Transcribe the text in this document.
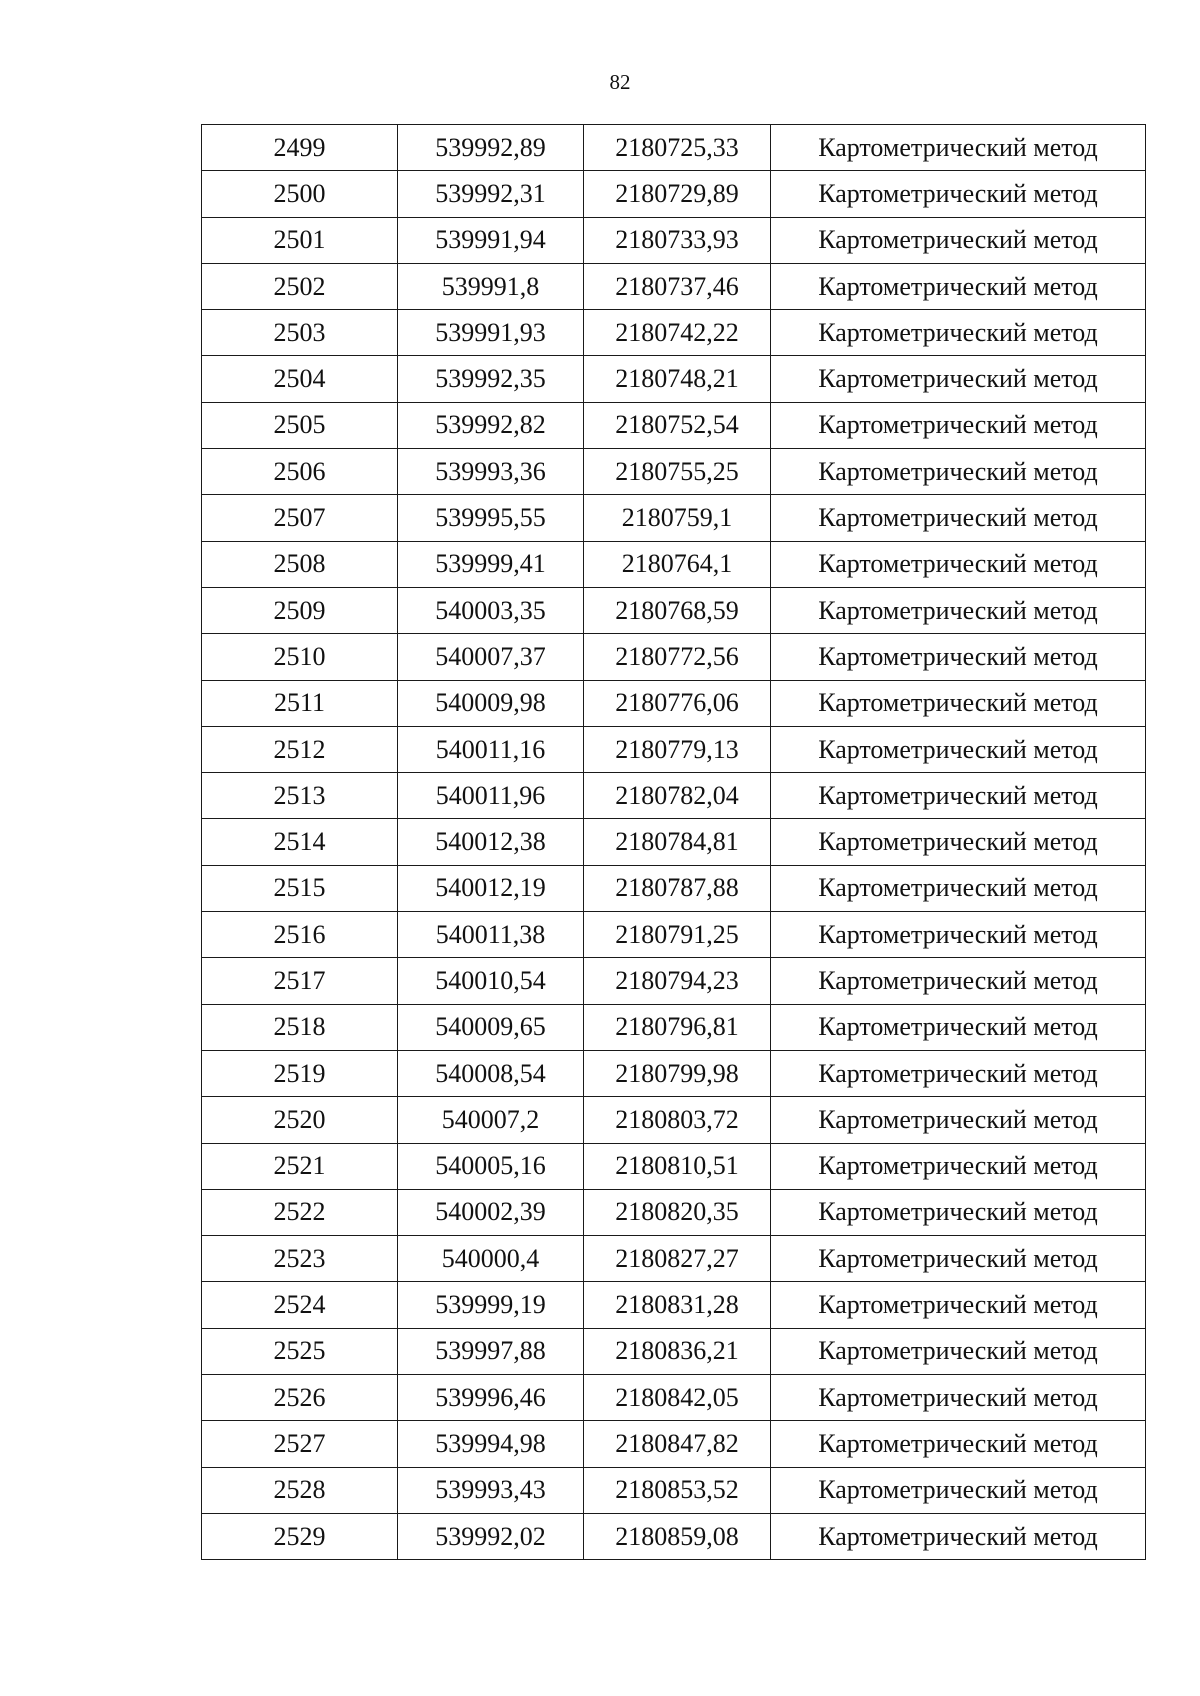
82
2499	539992,89	2180725,33	Картометрический метод
2500	539992,31	2180729,89	Картометрический метод
2501	539991,94	2180733,93	Картометрический метод
2502	539991,8	2180737,46	Картометрический метод
2503	539991,93	2180742,22	Картометрический метод
2504	539992,35	2180748,21	Картометрический метод
2505	539992,82	2180752,54	Картометрический метод
2506	539993,36	2180755,25	Картометрический метод
2507	539995,55	2180759,1	Картометрический метод
2508	539999,41	2180764,1	Картометрический метод
2509	540003,35	2180768,59	Картометрический метод
2510	540007,37	2180772,56	Картометрический метод
2511	540009,98	2180776,06	Картометрический метод
2512	540011,16	2180779,13	Картометрический метод
2513	540011,96	2180782,04	Картометрический метод
2514	540012,38	2180784,81	Картометрический метод
2515	540012,19	2180787,88	Картометрический метод
2516	540011,38	2180791,25	Картометрический метод
2517	540010,54	2180794,23	Картометрический метод
2518	540009,65	2180796,81	Картометрический метод
2519	540008,54	2180799,98	Картометрический метод
2520	540007,2	2180803,72	Картометрический метод
2521	540005,16	2180810,51	Картометрический метод
2522	540002,39	2180820,35	Картометрический метод
2523	540000,4	2180827,27	Картометрический метод
2524	539999,19	2180831,28	Картометрический метод
2525	539997,88	2180836,21	Картометрический метод
2526	539996,46	2180842,05	Картометрический метод
2527	539994,98	2180847,82	Картометрический метод
2528	539993,43	2180853,52	Картометрический метод
2529	539992,02	2180859,08	Картометрический метод
